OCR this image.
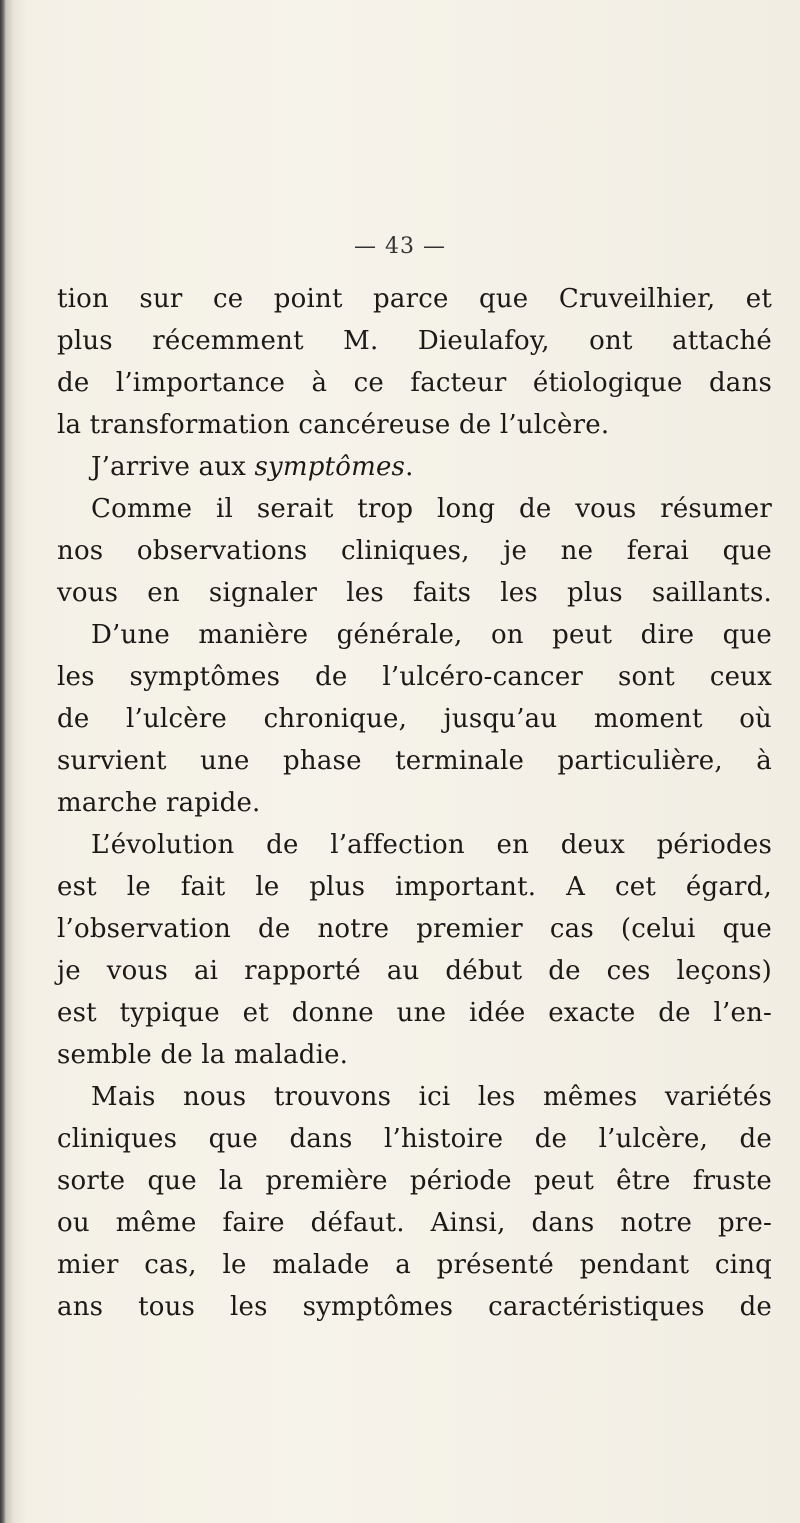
— 43 —
tion sur ce point parce que Cruveilhier, et
plus récemment M. Dieulafoy, ont attaché
de l’importance à ce facteur étiologique dans
la transformation cancéreuse de l’ulcère.
J’arrive aux symptômes.
Comme il serait trop long de vous résumer
nos observations cliniques, je ne ferai que
vous en signaler les faits les plus saillants.
D’une manière générale, on peut dire que
les symptômes de l’ulcéro-cancer sont ceux
de l’ulcère chronique, jusqu’au moment où
survient une phase terminale particulière, à
marche rapide.
L’évolution de l’affection en deux périodes
est le fait le plus important. A cet égard,
l’observation de notre premier cas (celui que
je vous ai rapporté au début de ces leçons)
est typique et donne une idée exacte de l’en-
semble de la maladie.
Mais nous trouvons ici les mêmes variétés
cliniques que dans l’histoire de l’ulcère, de
sorte que la première période peut être fruste
ou même faire défaut. Ainsi, dans notre pre-
mier cas, le malade a présenté pendant cinq
ans tous les symptômes caractéristiques de
